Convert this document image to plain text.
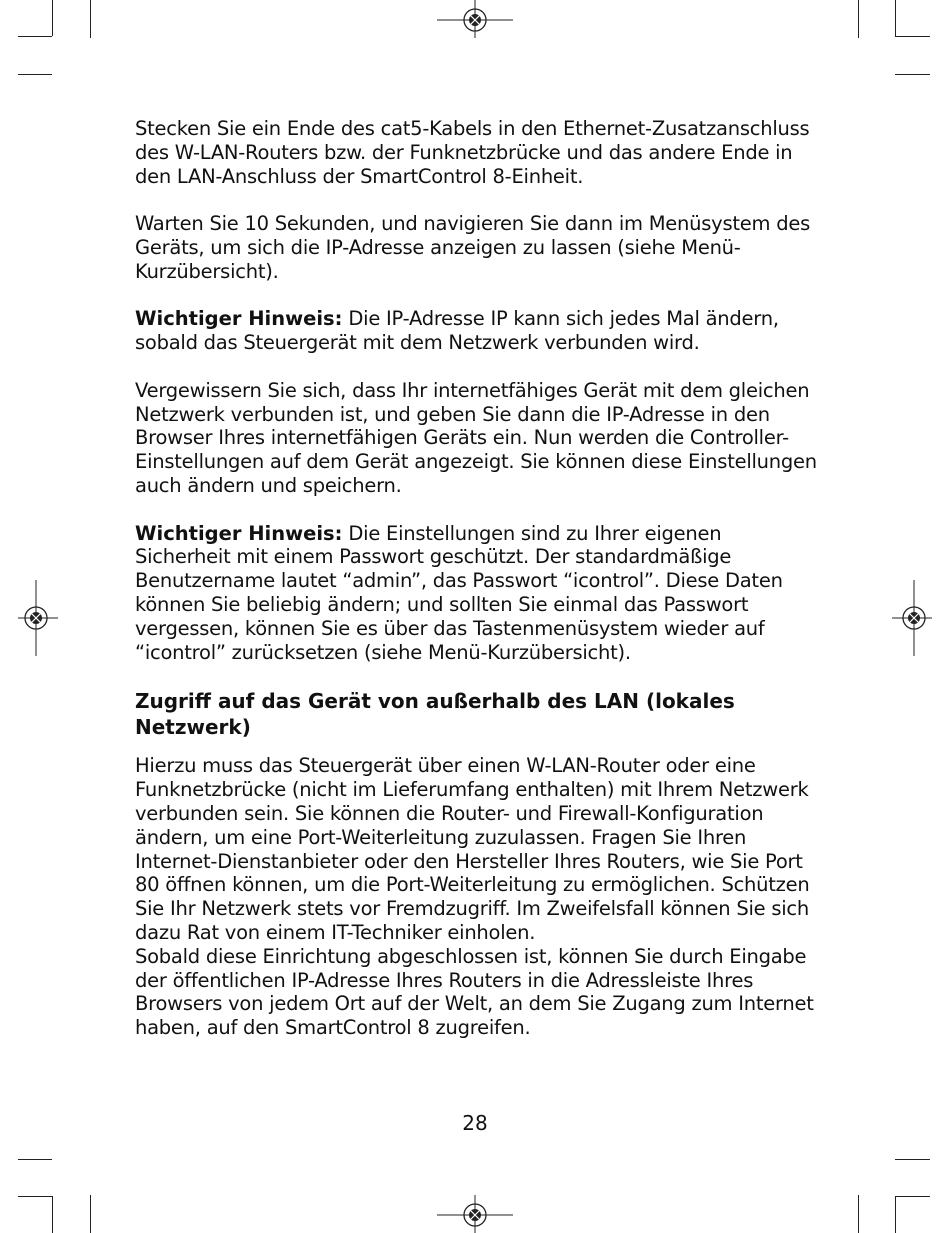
Stecken Sie ein Ende des cat5-Kabels in den Ethernet-Zusatzanschluss des W-LAN-Routers bzw. der Funknetzbrücke und das andere Ende in den LAN-Anschluss der SmartControl 8-Einheit.

Warten Sie 10 Sekunden, und navigieren Sie dann im Menüsystem des Geräts, um sich die IP-Adresse anzeigen zu lassen (siehe Menü-Kurzübersicht).

Wichtiger Hinweis: Die IP-Adresse IP kann sich jedes Mal ändern, sobald das Steuergerät mit dem Netzwerk verbunden wird.

Vergewissern Sie sich, dass Ihr internetfähiges Gerät mit dem gleichen Netzwerk verbunden ist, und geben Sie dann die IP-Adresse in den Browser Ihres internetfähigen Geräts ein. Nun werden die Controller-Einstellungen auf dem Gerät angezeigt. Sie können diese Einstellungen auch ändern und speichern.

Wichtiger Hinweis: Die Einstellungen sind zu Ihrer eigenen Sicherheit mit einem Passwort geschützt. Der standardmäßige Benutzername lautet “admin”, das Passwort “icontrol”. Diese Daten können Sie beliebig ändern; und sollten Sie einmal das Passwort vergessen, können Sie es über das Tastenmenüsystem wieder auf “icontrol” zurücksetzen (siehe Menü-Kurzübersicht).

Zugriff auf das Gerät von außerhalb des LAN (lokales Netzwerk)

Hierzu muss das Steuergerät über einen W-LAN-Router oder eine Funknetzbrücke (nicht im Lieferumfang enthalten) mit Ihrem Netzwerk verbunden sein. Sie können die Router- und Firewall-Konfiguration ändern, um eine Port-Weiterleitung zuzulassen. Fragen Sie Ihren Internet-Dienstanbieter oder den Hersteller Ihres Routers, wie Sie Port 80 öffnen können, um die Port-Weiterleitung zu ermöglichen. Schützen Sie Ihr Netzwerk stets vor Fremdzugriff. Im Zweifelsfall können Sie sich dazu Rat von einem IT-Techniker einholen.

Sobald diese Einrichtung abgeschlossen ist, können Sie durch Eingabe der öffentlichen IP-Adresse Ihres Routers in die Adressleiste Ihres Browsers von jedem Ort auf der Welt, an dem Sie Zugang zum Internet haben, auf den SmartControl 8 zugreifen.

28
